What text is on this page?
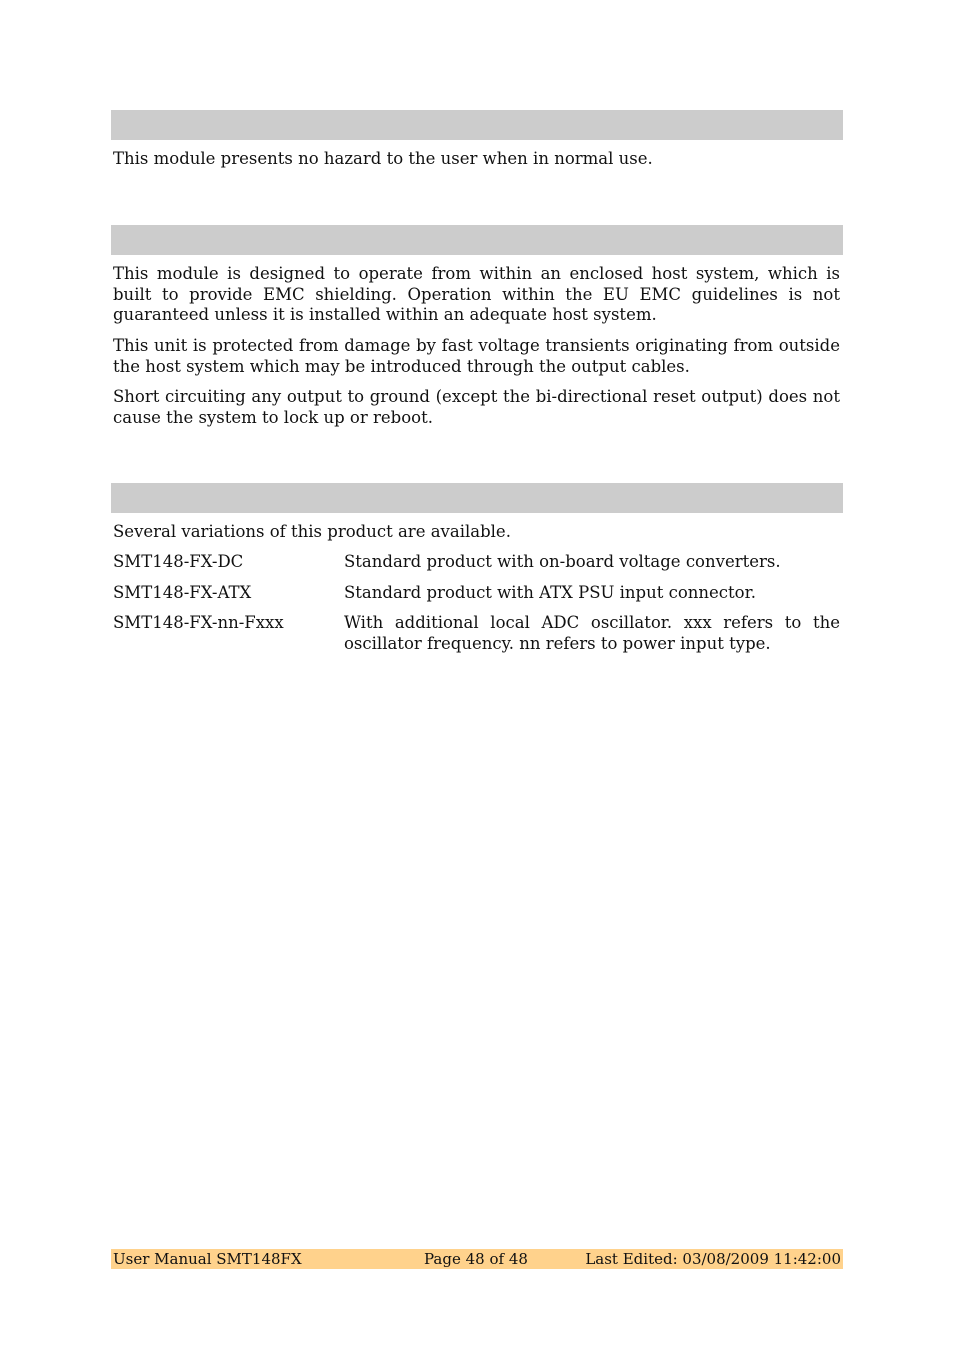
This module presents no hazard to the user when in normal use.

This module is designed to operate from within an enclosed host system, which is built to provide EMC shielding. Operation within the EU EMC guidelines is not guaranteed unless it is installed within an adequate host system.

This unit is protected from damage by fast voltage transients originating from outside the host system which may be introduced through the output cables.

Short circuiting any output to ground (except the bi-directional reset output) does not cause the system to lock up or reboot.

Several variations of this product are available.

SMT148-FX-DC	Standard product with on-board voltage converters.

SMT148-FX-ATX	Standard product with ATX PSU input connector.

SMT148-FX-nn-Fxxx	With additional local ADC oscillator. xxx refers to the oscillator frequency. nn refers to power input type.

User Manual SMT148FX	Page 48 of 48	Last Edited: 03/08/2009 11:42:00
